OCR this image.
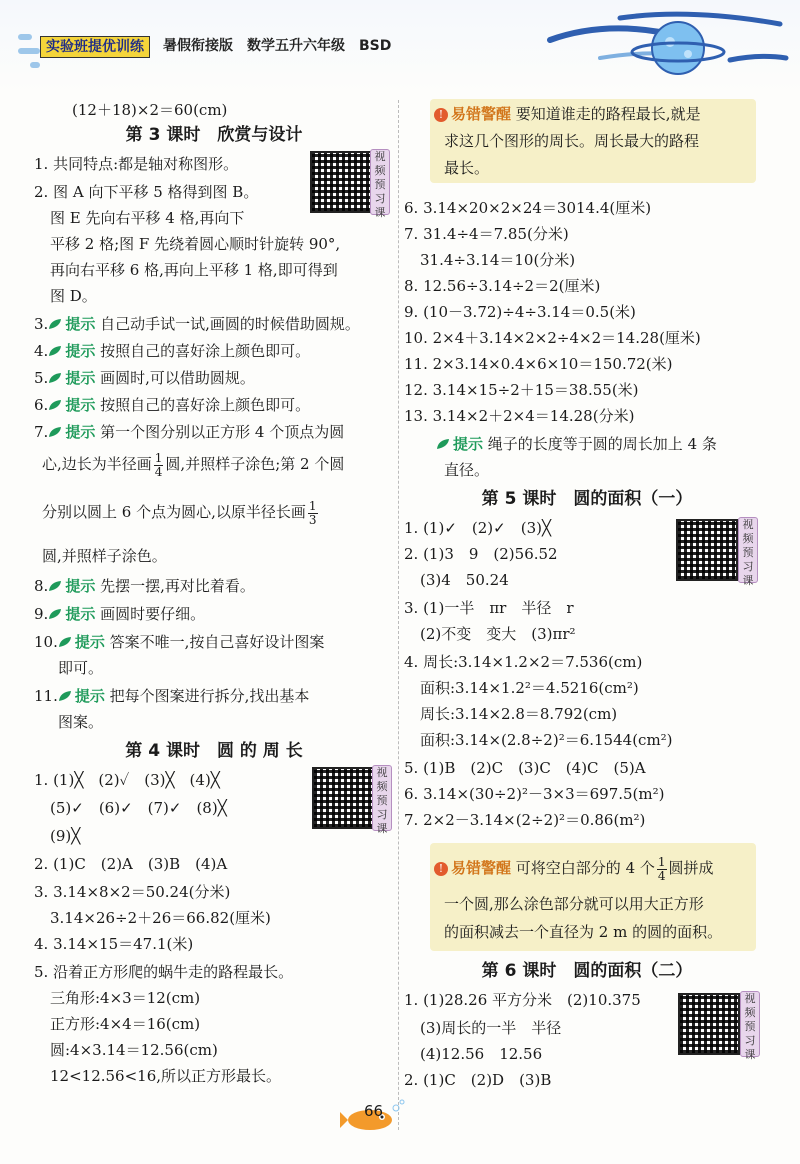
实验班提优训练	暑假衔接版　数学五升六年级　BSD
(12＋18)×2＝60(cm)
第 3 课时　欣赏与设计
1. 共同特点:都是轴对称图形。
2. 图 A 向下平移 5 格得到图 B。
图 E 先向右平移 4 格,再向下
平移 2 格;图 F 先绕着圆心顺时针旋转 90°,
再向右平移 6 格,再向上平移 1 格,即可得到
图 D。
视频预习课
3. 提示 自己动手试一试,画圆的时候借助圆规。
4. 提示 按照自己的喜好涂上颜色即可。
5. 提示 画圆时,可以借助圆规。
6. 提示 按照自己的喜好涂上颜色即可。
7. 提示 第一个图分别以正方形 4 个顶点为圆
心,边长为半径画 $\frac{1}{4}$ 圆,并照样子涂色;第 2 个圆
分别以圆上 6 个点为圆心,以原半径长画 $\frac{1}{3}$
圆,并照样子涂色。
8. 提示 先摆一摆,再对比着看。
9. 提示 画圆时要仔细。
10. 提示 答案不唯一,按自己喜好设计图案
即可。
11. 提示 把每个图案进行拆分,找出基本
图案。
第 4 课时　圆 的 周 长
1. (1)╳　(2)✓　(3)╳　(4)╳
(5)✓　(6)✓　(7)✓　(8)╳
(9)╳
2. (1)C　(2)A　(3)B　(4)A
3. 3.14×8×2＝50.24(分米)
3.14×26÷2＋26＝66.82(厘米)
4. 3.14×15＝47.1(米)
5. 沿着正方形爬的蜗牛走的路程最长。
三角形:4×3＝12(cm)
正方形:4×4＝16(cm)
圆:4×3.14＝12.56(cm)
12<12.56<16,所以正方形最长。
视频预习课
! 易错警醒 要知道谁走的路程最长,就是
求这几个图形的周长。周长最大的路程
最长。
6. 3.14×20×2×24＝3014.4(厘米)
7. 31.4÷4＝7.85(分米)
31.4÷3.14＝10(分米)
8. 12.56÷3.14÷2＝2(厘米)
9. (10－3.72)÷4÷3.14＝0.5(米)
10. 2×4＋3.14×2×2÷4×2＝14.28(厘米)
11. 2×3.14×0.4×6×10＝150.72(米)
12. 3.14×15÷2＋15＝38.55(米)
13. 3.14×2＋2×4＝14.28(分米)
提示 绳子的长度等于圆的周长加上 4 条
直径。
第 5 课时　圆的面积（一）
1. (1)✓　(2)✓　(3)╳
2. (1)3　9　(2)56.52
(3)4　50.24
3. (1)一半　πr　半径　r
(2)不变　变大　(3)πr²
4. 周长:3.14×1.2×2＝7.536(cm)
面积:3.14×1.2²＝4.5216(cm²)
周长:3.14×2.8＝8.792(cm)
面积:3.14×(2.8÷2)²＝6.1544(cm²)
5. (1)B　(2)C　(3)C　(4)C　(5)A
6. 3.14×(30÷2)²－3×3＝697.5(m²)
7. 2×2－3.14×(2÷2)²＝0.86(m²)
视频预习课
! 易错警醒 可将空白部分的 4 个 $\frac{1}{4}$ 圆拼成
一个圆,那么涂色部分就可以用大正方形
的面积减去一个直径为 2 m 的圆的面积。
第 6 课时　圆的面积（二）
1. (1)28.26 平方分米　(2)10.375
(3)周长的一半　半径
(4)12.56　12.56
2. (1)C　(2)D　(3)B
视频预习课
66
